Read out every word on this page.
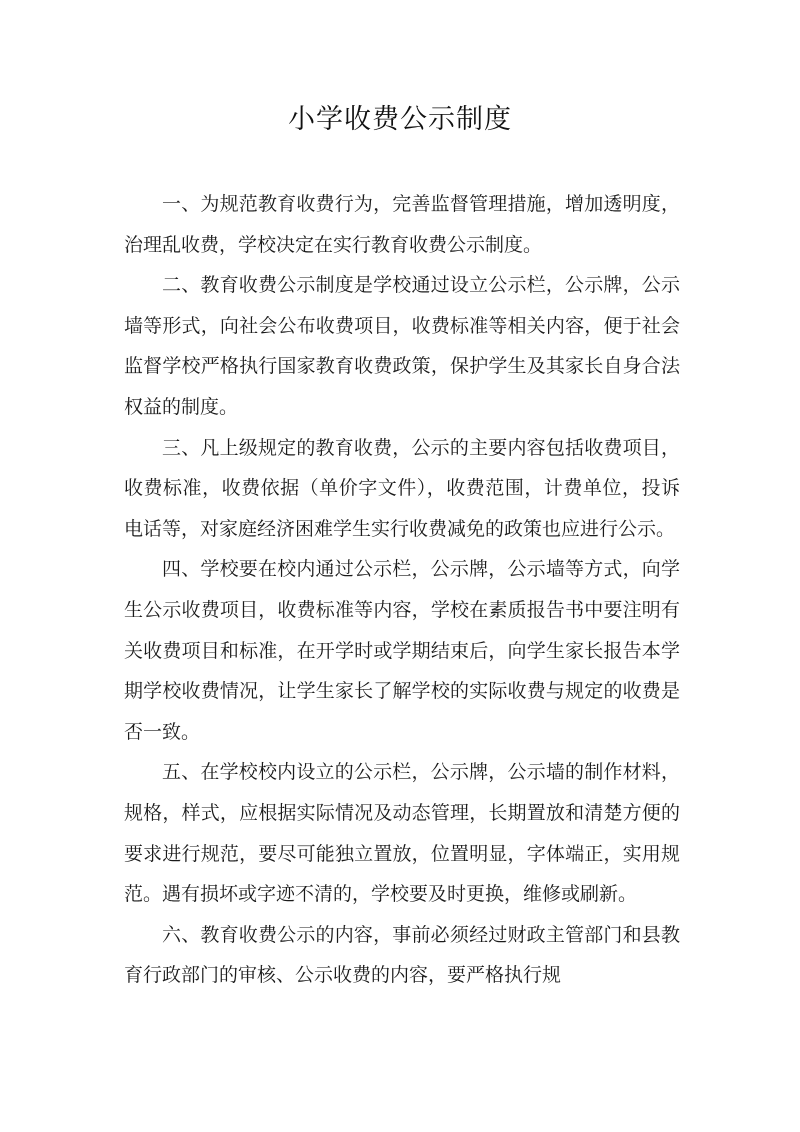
小学收费公示制度

一、为规范教育收费行为，完善监督管理措施，增加透明度，治理乱收费，学校决定在实行教育收费公示制度。

二、教育收费公示制度是学校通过设立公示栏，公示牌，公示墙等形式，向社会公布收费项目，收费标准等相关内容，便于社会监督学校严格执行国家教育收费政策，保护学生及其家长自身合法权益的制度。

三、凡上级规定的教育收费，公示的主要内容包括收费项目，收费标准，收费依据（单价字文件），收费范围，计费单位，投诉电话等，对家庭经济困难学生实行收费减免的政策也应进行公示。

四、学校要在校内通过公示栏，公示牌，公示墙等方式，向学生公示收费项目，收费标准等内容，学校在素质报告书中要注明有关收费项目和标准，在开学时或学期结束后，向学生家长报告本学期学校收费情况，让学生家长了解学校的实际收费与规定的收费是否一致。

五、在学校校内设立的公示栏，公示牌，公示墙的制作材料，规格，样式，应根据实际情况及动态管理，长期置放和清楚方便的要求进行规范，要尽可能独立置放，位置明显，字体端正，实用规范。遇有损坏或字迹不清的，学校要及时更换，维修或刷新。

六、教育收费公示的内容，事前必须经过财政主管部门和县教育行政部门的审核、公示收费的内容，要严格执行规
